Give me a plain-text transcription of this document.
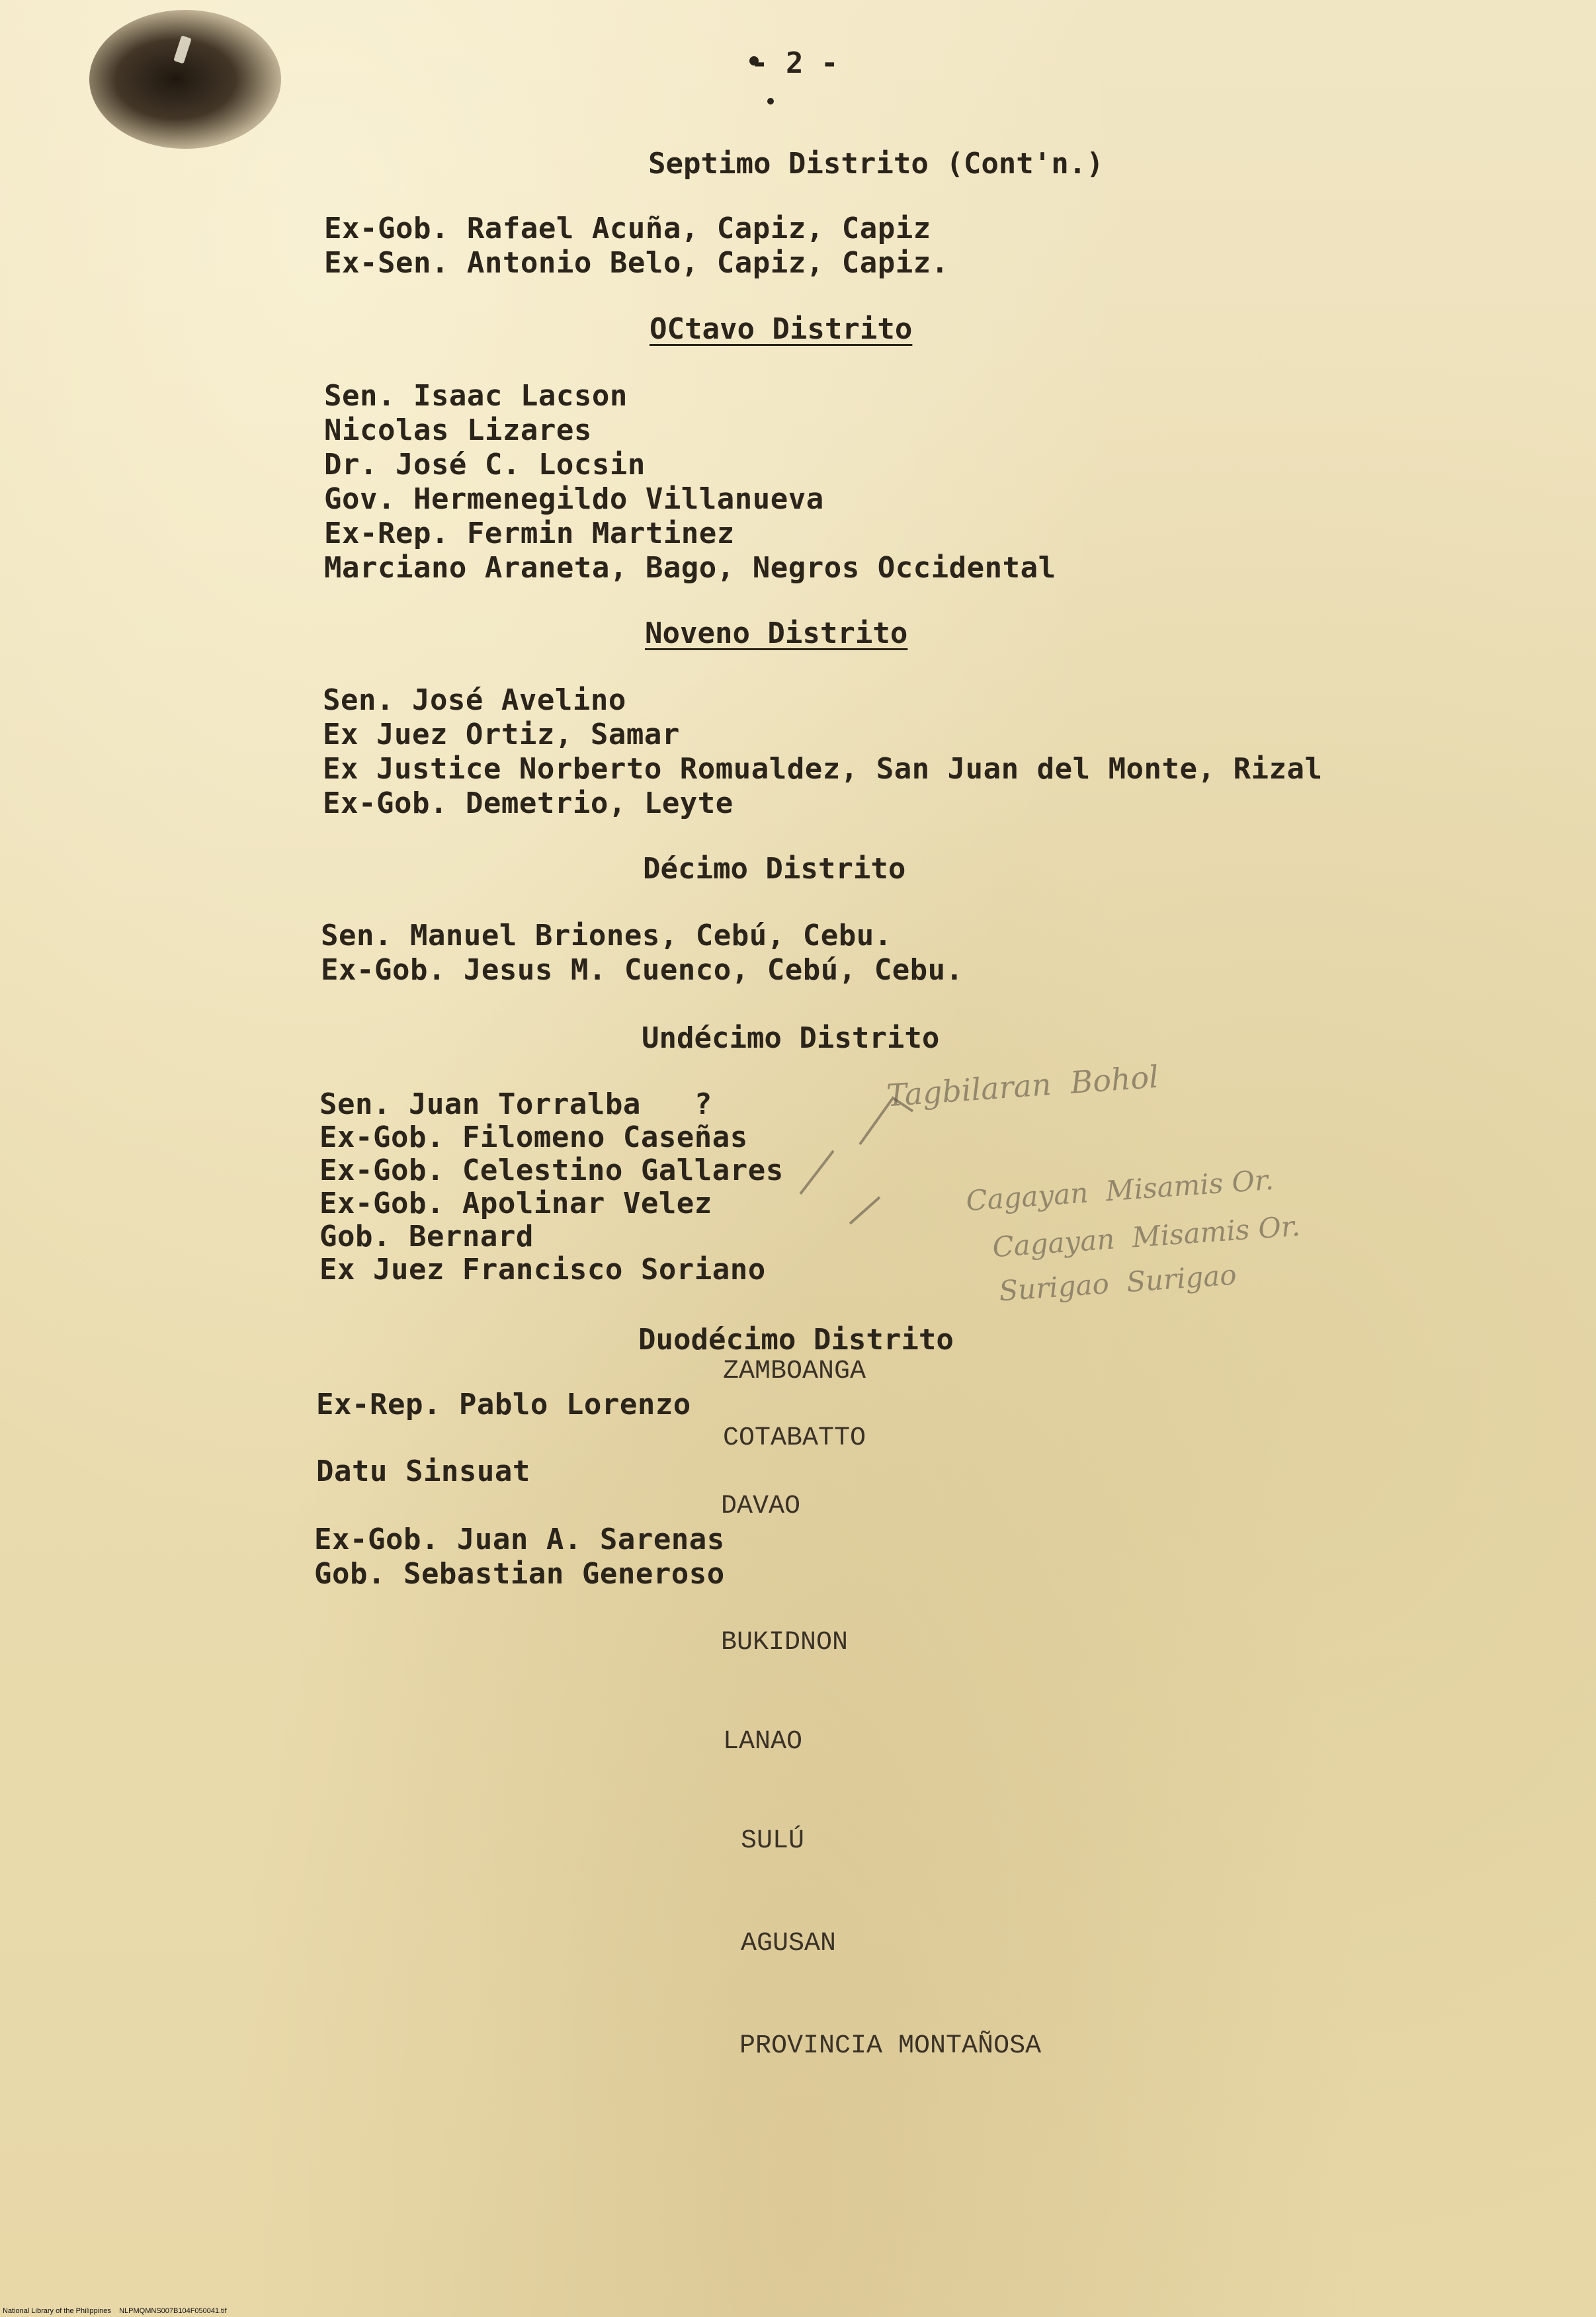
- 2 -
Septimo Distrito (Cont'n.)
Ex-Gob. Rafael Acuña, Capiz, Capiz
Ex-Sen. Antonio Belo, Capiz, Capiz.
OCtavo Distrito
Sen. Isaac Lacson
Nicolas Lizares
Dr. José C. Locsin
Gov. Hermenegildo Villanueva
Ex-Rep. Fermin Martinez
Marciano Araneta, Bago, Negros Occidental
Noveno Distrito
Sen. José Avelino
Ex Juez Ortiz, Samar
Ex Justice Norberto Romualdez, San Juan del Monte, Rizal
Ex-Gob. Demetrio, Leyte
Décimo Distrito
Sen. Manuel Briones, Cebú, Cebu.
Ex-Gob. Jesus M. Cuenco, Cebú, Cebu.
Undécimo Distrito
Sen. Juan Torralba   ?
Ex-Gob. Filomeno Caseñas
Ex-Gob. Celestino Gallares
Ex-Gob. Apolinar Velez
Gob. Bernard
Ex Juez Francisco Soriano
Tagbilaran  Bohol
Cagayan  Misamis Or.
Cagayan  Misamis Or.
Surigao  Surigao
Duodécimo Distrito
ZAMBOANGA
Ex-Rep. Pablo Lorenzo
COTABATTO
Datu Sinsuat
DAVAO
Ex-Gob. Juan A. Sarenas
Gob. Sebastian Generoso
BUKIDNON
LANAO
SULÚ
AGUSAN
PROVINCIA MONTAÑOSA
National Library of the Philippines    NLPMQMNS007B104F050041.tif
